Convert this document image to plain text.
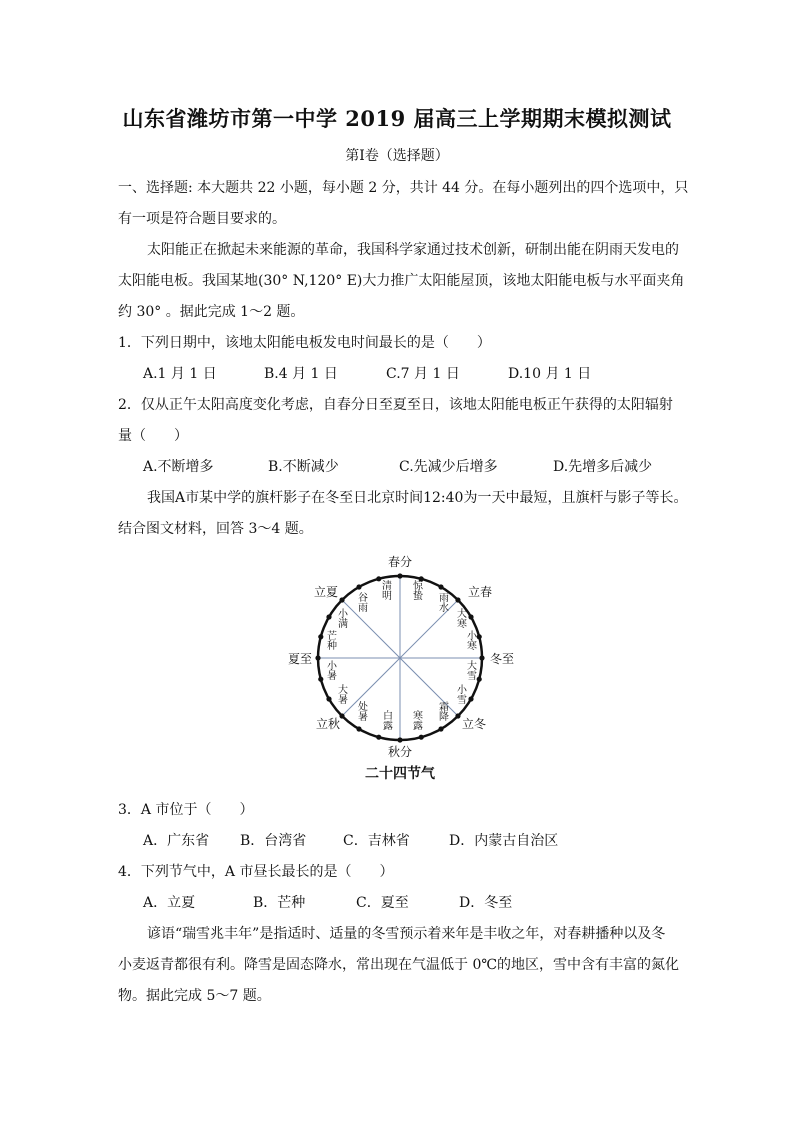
山东省潍坊市第一中学 2019 届高三上学期期末模拟测试
第Ⅰ卷（选择题）
一、选择题: 本大题共 22 小题，每小题 2 分，共计 44 分。在每小题列出的四个选项中，只
有一项是符合题目要求的。
太阳能正在掀起未来能源的革命，我国科学家通过技术创新，研制出能在阴雨天发电的
太阳能电板。我国某地(30° N,120° E)大力推广太阳能屋顶，该地太阳能电板与水平面夹角
约 30° 。据此完成 1～2 题。
1．下列日期中，该地太阳能电板发电时间最长的是（　　）
A.1 月 1 日	B.4 月 1 日	C.7 月 1 日	D.10 月 1 日
2．仅从正午太阳高度变化考虑，自春分日至夏至日，该地太阳能电板正午获得的太阳辐射
量（　　）
A.不断增多	B.不断减少	C.先减少后增多	D.先增多后减少
我国A市某中学的旗杆影子在冬至日北京时间12:40为一天中最短，且旗杆与影子等长。
结合图文材料，回答 3～4 题。
春分
立春
冬至
立冬
秋分
立秋
夏至
立夏	清明 惊蛰
雨水
大寒
小寒
大雪
小雪
霜降
寒露
白露
处暑
大暑
小暑
芒种
小满
谷雨
二十四节气
3．A 市位于（　　）
A．广东省 B．台湾省	C．吉林省	D．内蒙古自治区
4．下列节气中，A 市昼长最长的是（　　）
A．立夏	B．芒种	C．夏至	D．冬至
谚语“瑞雪兆丰年”是指适时、适量的冬雪预示着来年是丰收之年，对春耕播种以及冬
小麦返青都很有利。降雪是固态降水，常出现在气温低于 0℃的地区，雪中含有丰富的氮化
物。据此完成 5～7 题。
